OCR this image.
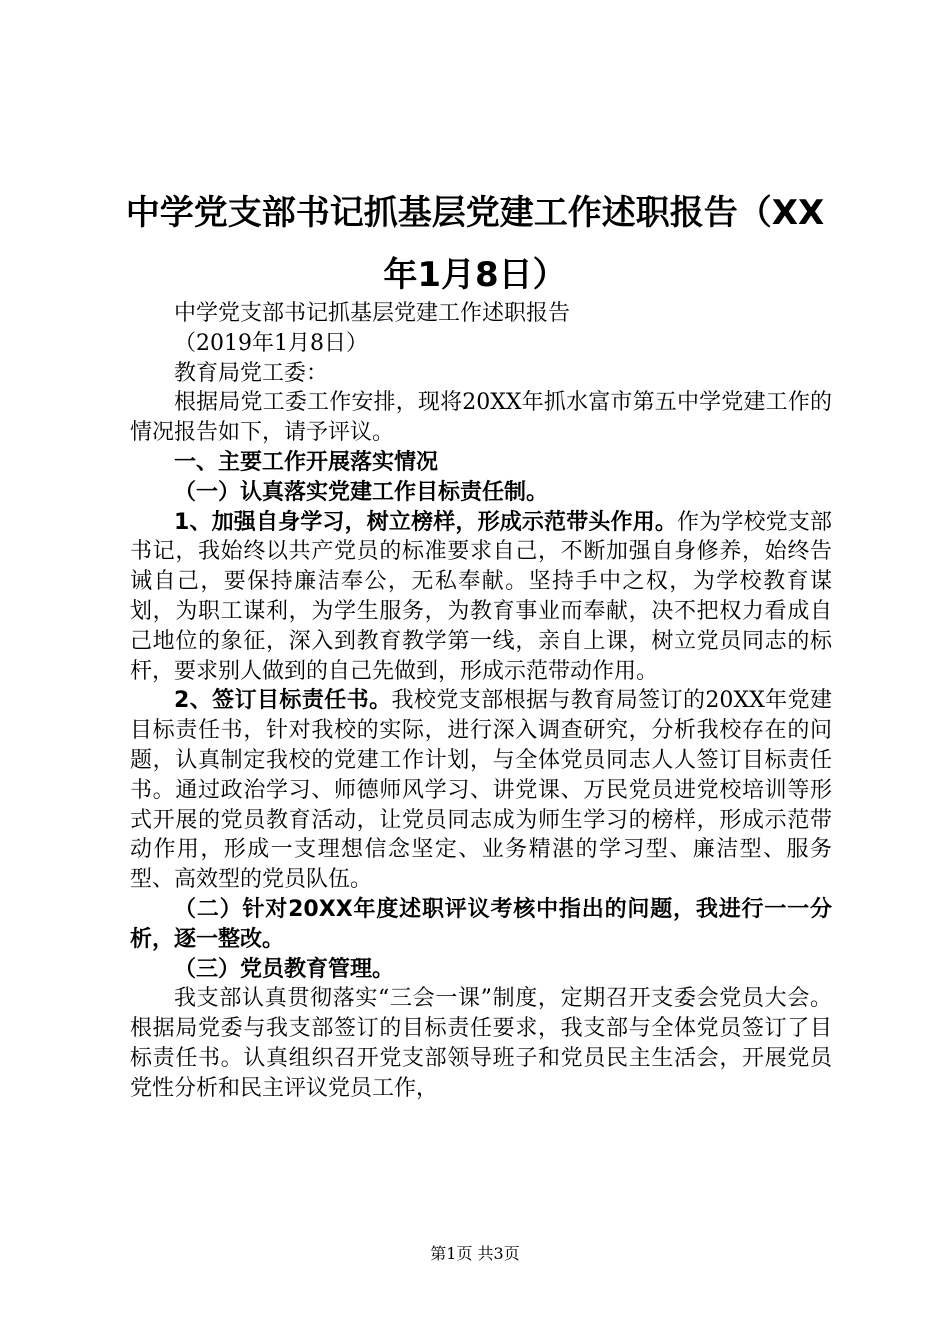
中学党支部书记抓基层党建工作述职报告（XX年1月8日）

中学党支部书记抓基层党建工作述职报告

（2019年1月8日）

教育局党工委：

根据局党工委工作安排，现将20XX年抓水富市第五中学党建工作的情况报告如下，请予评议。

一、主要工作开展落实情况

（一）认真落实党建工作目标责任制。

1、加强自身学习，树立榜样，形成示范带头作用。作为学校党支部书记，我始终以共产党员的标准要求自己，不断加强自身修养，始终告诫自己，要保持廉洁奉公，无私奉献。坚持手中之权，为学校教育谋划，为职工谋利，为学生服务，为教育事业而奉献，决不把权力看成自己地位的象征，深入到教育教学第一线，亲自上课，树立党员同志的标杆，要求别人做到的自己先做到，形成示范带动作用。

2、签订目标责任书。我校党支部根据与教育局签订的20XX年党建目标责任书，针对我校的实际，进行深入调查研究，分析我校存在的问题，认真制定我校的党建工作计划，与全体党员同志人人签订目标责任书。通过政治学习、师德师风学习、讲党课、万民党员进党校培训等形式开展的党员教育活动，让党员同志成为师生学习的榜样，形成示范带动作用，形成一支理想信念坚定、业务精湛的学习型、廉洁型、服务型、高效型的党员队伍。

（二）针对20XX年度述职评议考核中指出的问题，我进行一一分析，逐一整改。

（三）党员教育管理。

我支部认真贯彻落实“三会一课”制度，定期召开支委会党员大会。根据局党委与我支部签订的目标责任要求，我支部与全体党员签订了目标责任书。认真组织召开党支部领导班子和党员民主生活会，开展党员党性分析和民主评议党员工作，

第1页 共3页
